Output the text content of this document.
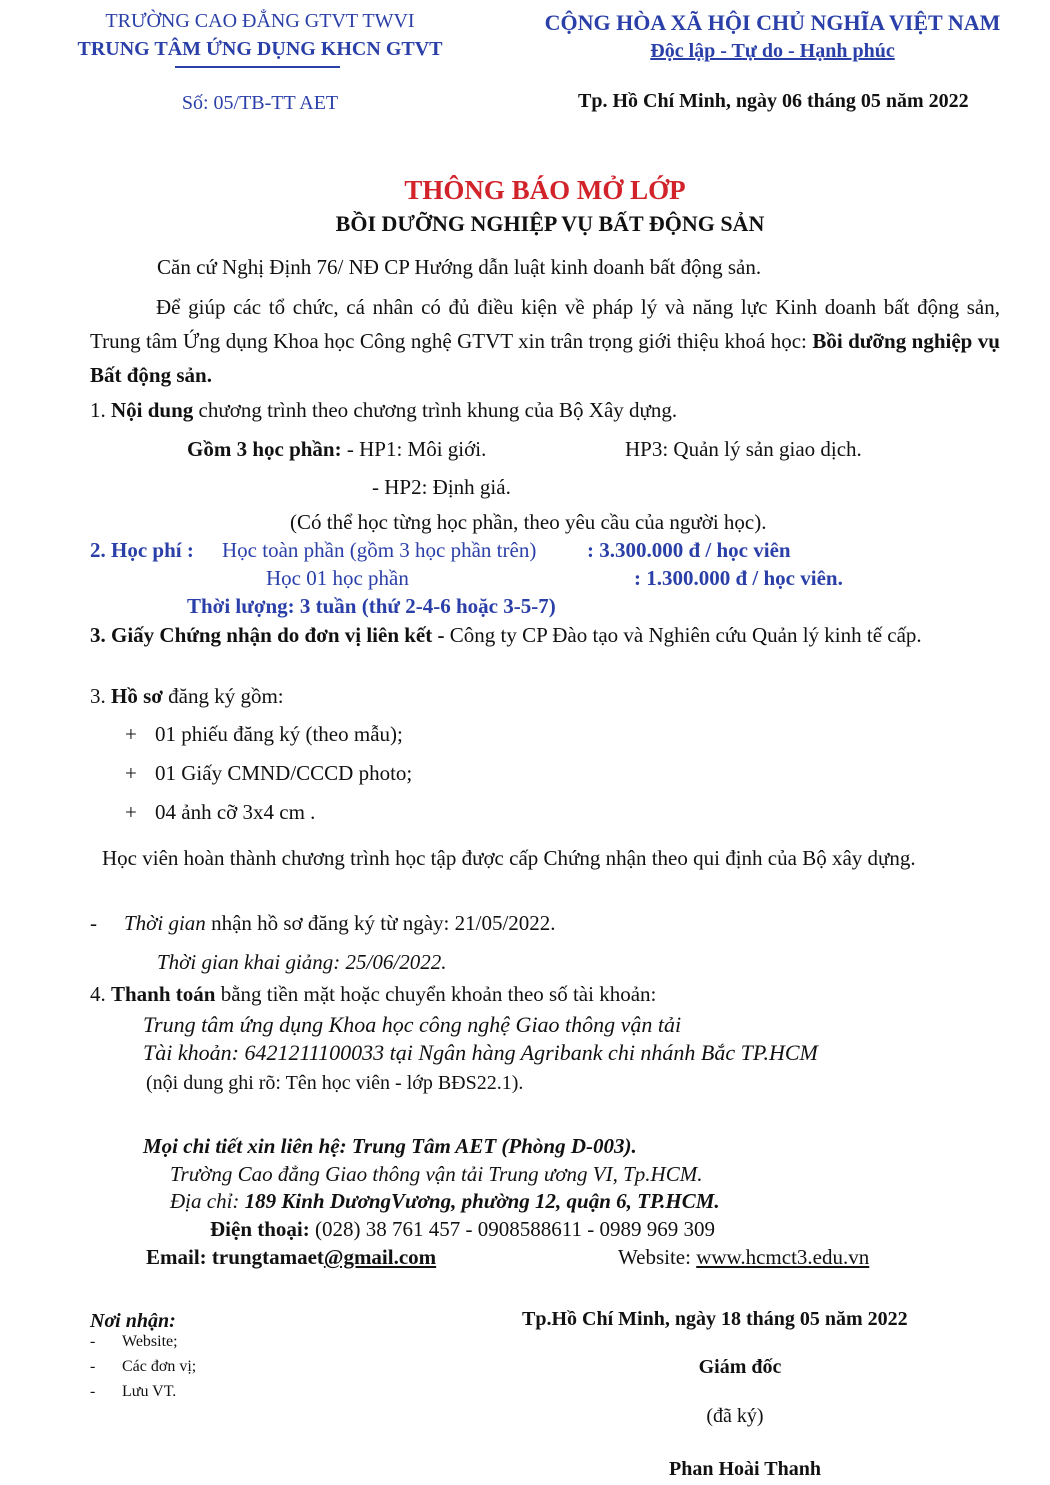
TRƯỜNG CAO ĐẲNG GTVT TWVI
TRUNG TÂM ỨNG DỤNG KHCN GTVT
Số: 05/TB-TT AET
CỘNG HÒA XÃ HỘI CHỦ NGHĨA VIỆT NAM
Độc lập - Tự do - Hạnh phúc
Tp. Hồ Chí Minh, ngày 06 tháng 05 năm 2022
THÔNG BÁO MỞ LỚP
BỒI DƯỠNG NGHIỆP VỤ BẤT ĐỘNG SẢN
Căn cứ Nghị Định 76/ NĐ CP Hướng dẫn luật kinh doanh bất động sản.
Để giúp các tổ chức, cá nhân có đủ điều kiện về pháp lý và năng lực Kinh doanh bất động sản, Trung tâm Ứng dụng Khoa học Công nghệ GTVT xin trân trọng giới thiệu khoá học: Bồi dưỡng nghiệp vụ Bất động sản.
1. Nội dung chương trình theo chương trình khung của Bộ Xây dựng.
Gồm 3 học phần: - HP1: Môi giới.	HP3: Quản lý sản giao dịch.
- HP2: Định giá.
(Có thể học từng học phần, theo yêu cầu của người học).
2. Học phí : Học toàn phần (gồm 3 học phần trên) : 3.300.000 đ / học viên
Học 01 học phần	: 1.300.000 đ / học viên.
Thời lượng: 3 tuần (thứ 2-4-6 hoặc 3-5-7)
3. Giấy Chứng nhận do đơn vị liên kết - Công ty CP Đào tạo và Nghiên cứu Quản lý kinh tế cấp.
3. Hồ sơ đăng ký gồm:
+ 01 phiếu đăng ký (theo mẫu);
+ 01 Giấy CMND/CCCD photo;
+ 04 ảnh cỡ 3x4 cm .
Học viên hoàn thành chương trình học tập được cấp Chứng nhận theo qui định của Bộ xây dựng.
- Thời gian nhận hồ sơ đăng ký từ ngày: 21/05/2022.
Thời gian khai giảng: 25/06/2022.
4. Thanh toán bằng tiền mặt hoặc chuyển khoản theo số tài khoản:
Trung tâm ứng dụng Khoa học công nghệ Giao thông vận tải
Tài khoản: 6421211100033 tại Ngân hàng Agribank chi nhánh Bắc TP.HCM
(nội dung ghi rõ: Tên học viên - lớp BĐS22.1).
Mọi chi tiết xin liên hệ: Trung Tâm AET (Phòng D-003).
Trường Cao đẳng Giao thông vận tải Trung ương VI, Tp.HCM.
Địa chỉ: 189 Kinh DươngVương, phường 12, quận 6, TP.HCM.
Điện thoại: (028) 38 761 457 - 0908588611 - 0989 969 309
Email: trungtamaet@gmail.com	Website: www.hcmct3.edu.vn
Nơi nhận:
- Website;
- Các đơn vị;
- Lưu VT.
Tp.Hồ Chí Minh, ngày 18 tháng 05 năm 2022
Giám đốc
(đã ký)
Phan Hoài Thanh
